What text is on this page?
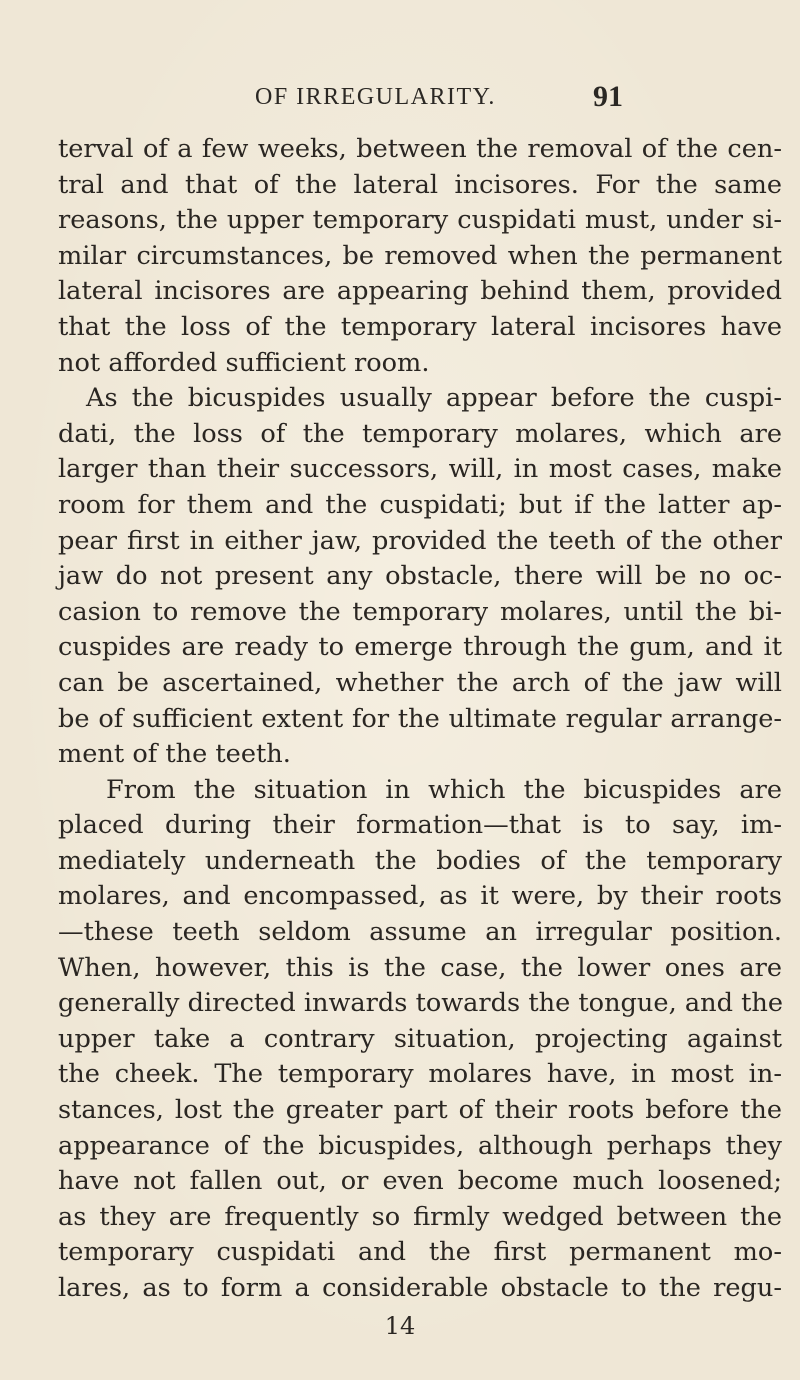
OF IRREGULARITY.	91
terval of a few weeks, between the removal of the cen-
tral and that of the lateral incisores. For the same
reasons, the upper temporary cuspidati must, under si-
milar circumstances, be removed when the permanent
lateral incisores are appearing behind them, provided
that the loss of the temporary lateral incisores have
not afforded sufficient room.
As the bicuspides usually appear before the cuspi-
dati, the loss of the temporary molares, which are
larger than their successors, will, in most cases, make
room for them and the cuspidati; but if the latter ap-
pear first in either jaw, provided the teeth of the other
jaw do not present any obstacle, there will be no oc-
casion to remove the temporary molares, until the bi-
cuspides are ready to emerge through the gum, and it
can be ascertained, whether the arch of the jaw will
be of sufficient extent for the ultimate regular arrange-
ment of the teeth.
From the situation in which the bicuspides are
placed during their formation—that is to say, im-
mediately underneath the bodies of the temporary
molares, and encompassed, as it were, by their roots
—these teeth seldom assume an irregular position.
When, however, this is the case, the lower ones are
generally directed inwards towards the tongue, and the
upper take a contrary situation, projecting against
the cheek. The temporary molares have, in most in-
stances, lost the greater part of their roots before the
appearance of the bicuspides, although perhaps they
have not fallen out, or even become much loosened;
as they are frequently so firmly wedged between the
temporary cuspidati and the first permanent mo-
lares, as to form a considerable obstacle to the regu-
14
